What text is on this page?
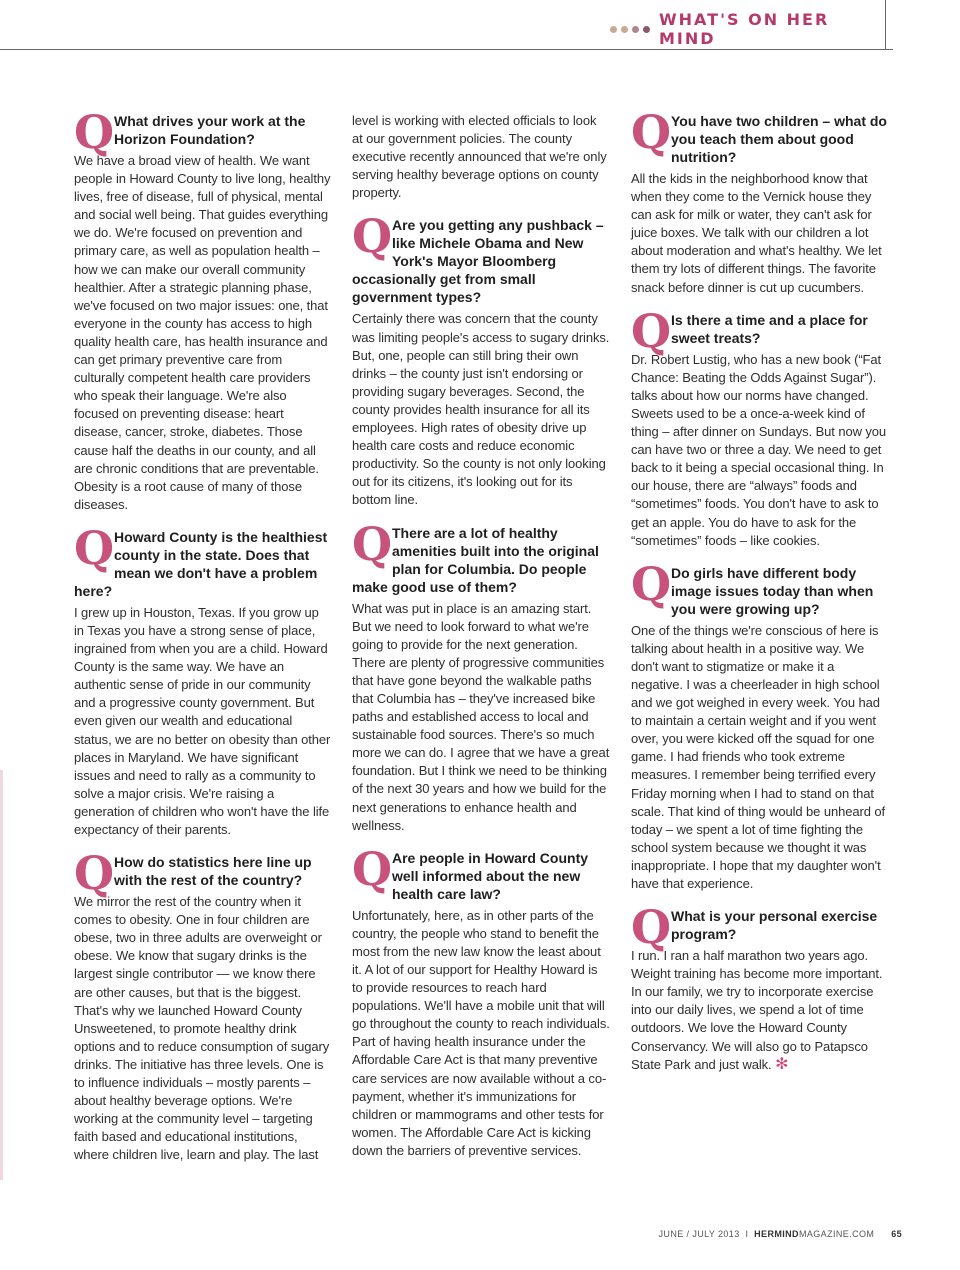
WHAT'S ON HER MIND
Q What drives your work at the Horizon Foundation?
We have a broad view of health. We want people in Howard County to live long, healthy lives, free of disease, full of physical, mental and social well being. That guides everything we do. We're focused on prevention and primary care, as well as population health – how we can make our overall community healthier. After a strategic planning phase, we've focused on two major issues: one, that everyone in the county has access to high quality health care, has health insurance and can get primary preventive care from culturally competent health care providers who speak their language. We're also focused on preventing disease: heart disease, cancer, stroke, diabetes. Those cause half the deaths in our county, and all are chronic conditions that are preventable. Obesity is a root cause of many of those diseases.
Q Howard County is the healthiest county in the state. Does that mean we don't have a problem here?
I grew up in Houston, Texas. If you grow up in Texas you have a strong sense of place, ingrained from when you are a child. Howard County is the same way. We have an authentic sense of pride in our community and a progressive county government. But even given our wealth and educational status, we are no better on obesity than other places in Maryland. We have significant issues and need to rally as a community to solve a major crisis. We're raising a generation of children who won't have the life expectancy of their parents.
Q How do statistics here line up with the rest of the country?
We mirror the rest of the country when it comes to obesity. One in four children are obese, two in three adults are overweight or obese. We know that sugary drinks is the largest single contributor — we know there are other causes, but that is the biggest. That's why we launched Howard County Unsweetened, to promote healthy drink options and to reduce consumption of sugary drinks. The initiative has three levels. One is to influence individuals – mostly parents – about healthy beverage options. We're working at the community level – targeting faith based and educational institutions, where children live, learn and play. The last
level is working with elected officials to look at our government policies. The county executive recently announced that we're only serving healthy beverage options on county property.
Q Are you getting any pushback – like Michele Obama and New York's Mayor Bloomberg occasionally get from small government types?
Certainly there was concern that the county was limiting people's access to sugary drinks. But, one, people can still bring their own drinks – the county just isn't endorsing or providing sugary beverages. Second, the county provides health insurance for all its employees. High rates of obesity drive up health care costs and reduce economic productivity. So the county is not only looking out for its citizens, it's looking out for its bottom line.
Q There are a lot of healthy amenities built into the original plan for Columbia. Do people make good use of them?
What was put in place is an amazing start. But we need to look forward to what we're going to provide for the next generation. There are plenty of progressive communities that have gone beyond the walkable paths that Columbia has – they've increased bike paths and established access to local and sustainable food sources. There's so much more we can do. I agree that we have a great foundation. But I think we need to be thinking of the next 30 years and how we build for the next generations to enhance health and wellness.
Q Are people in Howard County well informed about the new health care law?
Unfortunately, here, as in other parts of the country, the people who stand to benefit the most from the new law know the least about it. A lot of our support for Healthy Howard is to provide resources to reach hard populations. We'll have a mobile unit that will go throughout the county to reach individuals. Part of having health insurance under the Affordable Care Act is that many preventive care services are now available without a co-payment, whether it's immunizations for children or mammograms and other tests for women. The Affordable Care Act is kicking down the barriers of preventive services.
Q You have two children – what do you teach them about good nutrition?
All the kids in the neighborhood know that when they come to the Vernick house they can ask for milk or water, they can't ask for juice boxes. We talk with our children a lot about moderation and what's healthy. We let them try lots of different things. The favorite snack before dinner is cut up cucumbers.
Q Is there a time and a place for sweet treats?
Dr. Robert Lustig, who has a new book (“Fat Chance: Beating the Odds Against Sugar”). talks about how our norms have changed. Sweets used to be a once-a-week kind of thing – after dinner on Sundays. But now you can have two or three a day. We need to get back to it being a special occasional thing. In our house, there are “always” foods and “sometimes” foods. You don't have to ask to get an apple. You do have to ask for the “sometimes” foods – like cookies.
Q Do girls have different body image issues today than when you were growing up?
One of the things we're conscious of here is talking about health in a positive way. We don't want to stigmatize or make it a negative. I was a cheerleader in high school and we got weighed in every week. You had to maintain a certain weight and if you went over, you were kicked off the squad for one game. I had friends who took extreme measures. I remember being terrified every Friday morning when I had to stand on that scale. That kind of thing would be unheard of today – we spent a lot of time fighting the school system because we thought it was inappropriate. I hope that my daughter won't have that experience.
Q What is your personal exercise program?
I run. I ran a half marathon two years ago. Weight training has become more important. In our family, we try to incorporate exercise into our daily lives, we spend a lot of time outdoors. We love the Howard County Conservancy. We will also go to Patapsco State Park and just walk. ✻
JUNE / JULY 2013 I HERMINDMAGAZINE.COM 65
